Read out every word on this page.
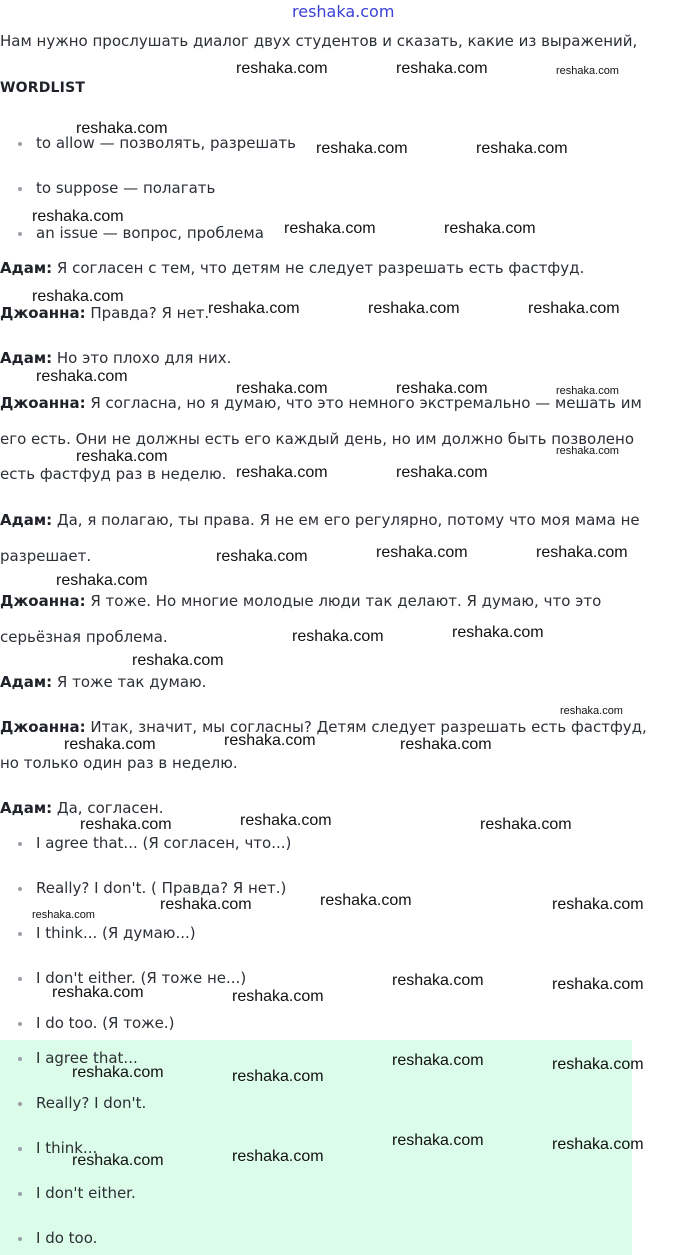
Нам нужно прослушать диалог двух студентов и сказать, какие из выражений,
WORDLIST
to allow — позволять, разрешать
to suppose — полагать
an issue — вопрос, проблема
Адам: Я согласен с тем, что детям не следует разрешать есть фастфуд.
Джоанна: Правда? Я нет.
Адам: Но это плохо для них.
Джоанна: Я согласна, но я думаю, что это немного экстремально — мешать им
его есть. Они не должны есть его каждый день, но им должно быть позволено
есть фастфуд раз в неделю.
Адам: Да, я полагаю, ты права. Я не ем его регулярно, потому что моя мама не
разрешает.
Джоанна: Я тоже. Но многие молодые люди так делают. Я думаю, что это
серьёзная проблема.
Адам: Я тоже так думаю.
Джоанна: Итак, значит, мы согласны? Детям следует разрешать есть фастфуд,
но только один раз в неделю.
Адам: Да, согласен.
I agree that... (Я согласен, что...)
Really? I don't. ( Правда? Я нет.)
I think... (Я думаю...)
I don't either. (Я тоже не...)
I do too. (Я тоже.)
I agree that...
Really? I don't.
I think...
I don't either.
I do too.
reshaka.com
reshaka.com	reshaka.com	reshaka.com
reshaka.com
reshaka.com	reshaka.com
reshaka.com
reshaka.com	reshaka.com
reshaka.com
reshaka.com	reshaka.com	reshaka.com
reshaka.com
reshaka.com	reshaka.com	reshaka.com
reshaka.com	reshaka.com
reshaka.com	reshaka.com
reshaka.com	reshaka.com	reshaka.com
reshaka.com
reshaka.com	reshaka.com
reshaka.com
reshaka.com
reshaka.com	reshaka.com	reshaka.com
reshaka.com	reshaka.com	reshaka.com
reshaka.com	reshaka.com	reshaka.com
reshaka.com
reshaka.com	reshaka.com
reshaka.com	reshaka.com
reshaka.com	reshaka.com
reshaka.com	reshaka.com
reshaka.com	reshaka.com
reshaka.com	reshaka.com
